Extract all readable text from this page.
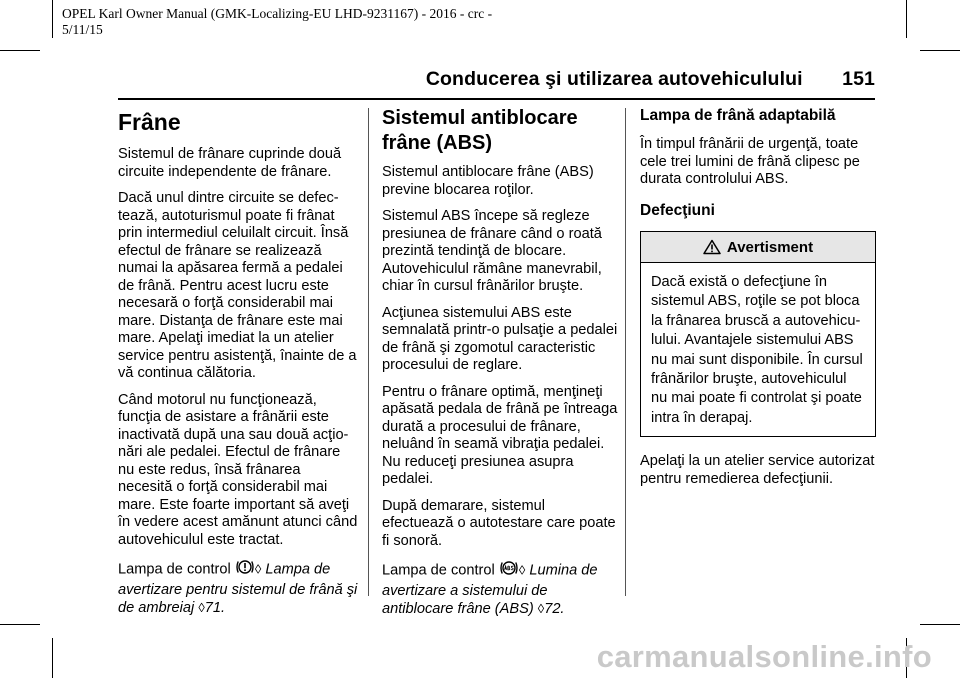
OPEL Karl Owner Manual (GMK-Localizing-EU LHD-9231167) - 2016 - crc -
5/11/15
Conducerea şi utilizarea autovehiculului 151
Frâne

Sistemul de frânare cuprinde două circuite independente de frânare.

Dacă unul dintre circuite se defec-tează, autoturismul poate fi frânat prin intermediul celuilalt circuit. Însă efectul de frânare se realizează numai la apăsarea fermă a pedalei de frână. Pentru acest lucru este necesară o forţă considerabil mai mare. Distanţa de frânare este mai mare. Apelaţi imediat la un atelier service pentru asistenţă, înainte de a vă continua călătoria.

Când motorul nu funcţionează, funcţia de asistare a frânării este inactivată după una sau două acţio-nări ale pedalei. Efectul de frânare nu este redus, însă frânarea necesită o forţă considerabil mai mare. Este foarte important să aveţi în vedere acest amănunt atunci când autovehiculul este tractat.

Lampa de control ◊ Lampa de avertizare pentru sistemul de frână şi de ambreiaj ◊71.

Sistemul antiblocare frâne (ABS)

Sistemul antiblocare frâne (ABS) previne blocarea roţilor.

Sistemul ABS începe să regleze presiunea de frânare când o roată prezintă tendinţă de blocare. Autovehiculul rămâne manevrabil, chiar în cursul frânărilor bruşte.

Acţiunea sistemului ABS este semnalată printr-o pulsaţie a pedalei de frână şi zgomotul caracteristic procesului de reglare.

Pentru o frânare optimă, menţineţi apăsată pedala de frână pe întreaga durată a procesului de frânare, neluând în seamă vibraţia pedalei. Nu reduceţi presiunea asupra pedalei.

După demarare, sistemul efectuează o autotestare care poate fi sonoră.

Lampa de control ◊ Lumina de avertizare a sistemului de antiblocare frâne (ABS) ◊72.

Lampa de frână adaptabilă

În timpul frânării de urgenţă, toate cele trei lumini de frână clipesc pe durata controlului ABS.

Defecţiuni
Avertisment
Dacă există o defecţiune în sistemul ABS, roţile se pot bloca la frânarea bruscă a autovehicu-lului. Avantajele sistemului ABS nu mai sunt disponibile. În cursul frânărilor bruşte, autovehiculul nu mai poate fi controlat şi poate intra în derapaj.

Apelaţi la un atelier service autorizat pentru remedierea defecţiunii.

carmanualsonline.info
